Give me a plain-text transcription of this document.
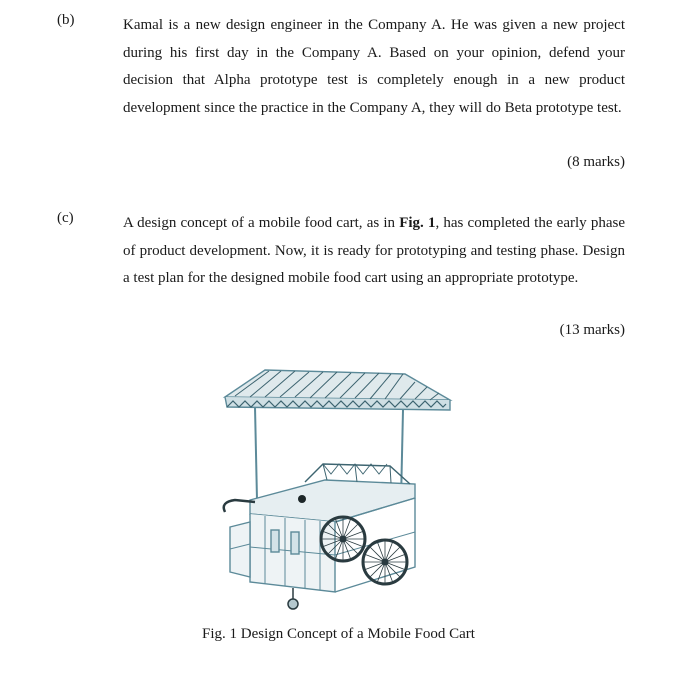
(b)	Kamal is a new design engineer in the Company A. He was given a new project during his first day in the Company A. Based on your opinion, defend your decision that Alpha prototype test is completely enough in a new product development since the practice in the Company A, they will do Beta prototype test.
(8 marks)
(c)	A design concept of a mobile food cart, as in Fig. 1, has completed the early phase of product development. Now, it is ready for prototyping and testing phase. Design a test plan for the designed mobile food cart using an appropriate prototype.
(13 marks)
Fig. 1 Design Concept of a Mobile Food Cart
